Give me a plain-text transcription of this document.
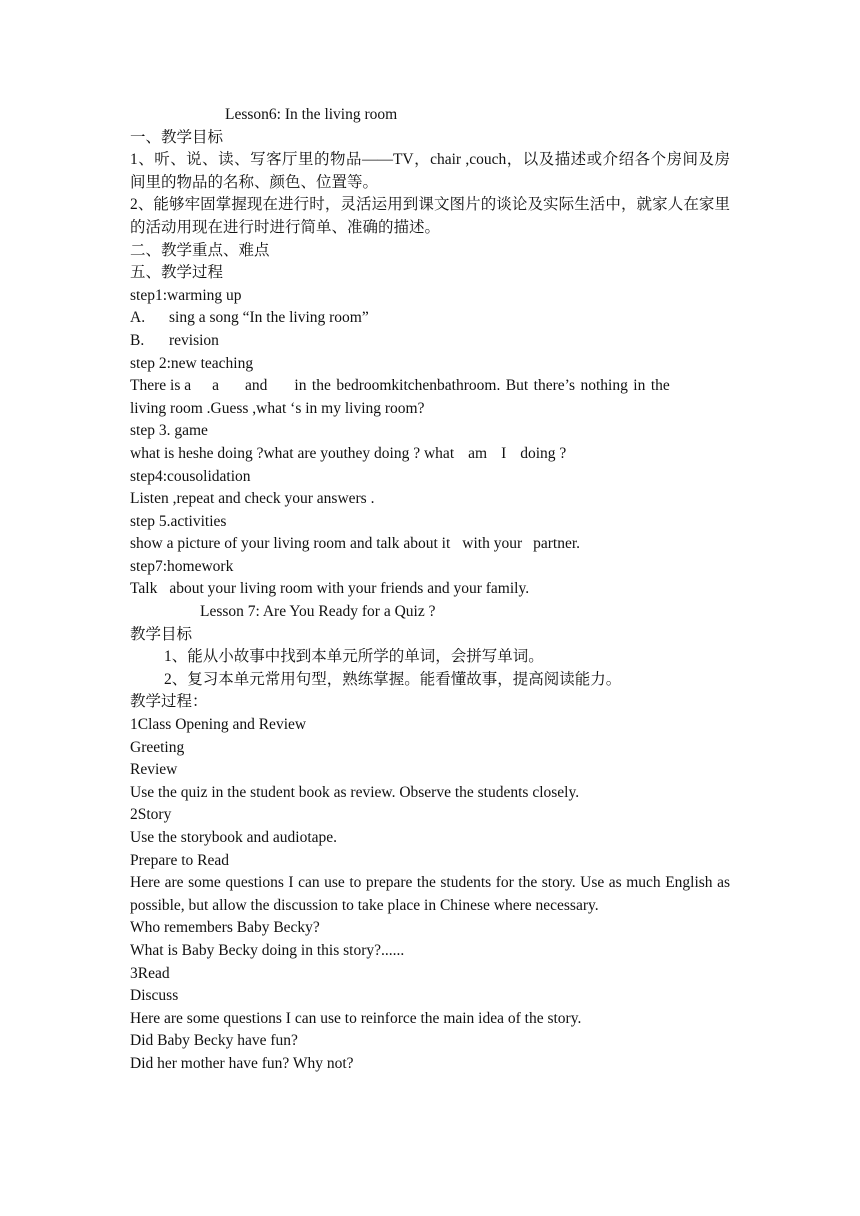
Lesson6: In the living room
一、教学目标
1、听、说、读、写客厅里的物品——TV，chair ,couch，以及描述或介绍各个房间及房间里的物品的名称、颜色、位置等。
2、能够牢固掌握现在进行时，灵活运用到课文图片的谈论及实际生活中，就家人在家里的活动用现在进行时进行简单、准确的描述。
二、教学重点、难点
五、教学过程
step1:warming up
A. sing a song “In the living room”
B. revision
step 2:new teaching
There is a a and in the bedroomkitchenbathroom. But there’s nothing in the
living room .Guess ,what ‘s in my living room?
step 3. game
what is heshe doing ?what are youthey doing ? what am I doing ?
step4:cousolidation
Listen ,repeat and check your answers .
step 5.activities
show a picture of your living room and talk about it with your partner.
step7:homework
Talk about your living room with your friends and your family.
Lesson 7: Are You Ready for a Quiz ?
教学目标
1、能从小故事中找到本单元所学的单词，会拼写单词。
2、复习本单元常用句型，熟练掌握。能看懂故事，提高阅读能力。
教学过程：
1Class Opening and Review
Greeting
Review
Use the quiz in the student book as review. Observe the students closely.
2Story
Use the storybook and audiotape.
Prepare to Read
Here are some questions I can use to prepare the students for the story. Use as much English as possible, but allow the discussion to take place in Chinese where necessary.
Who remembers Baby Becky?
What is Baby Becky doing in this story?......
3Read
Discuss
Here are some questions I can use to reinforce the main idea of the story.
Did Baby Becky have fun?
Did her mother have fun? Why not?
